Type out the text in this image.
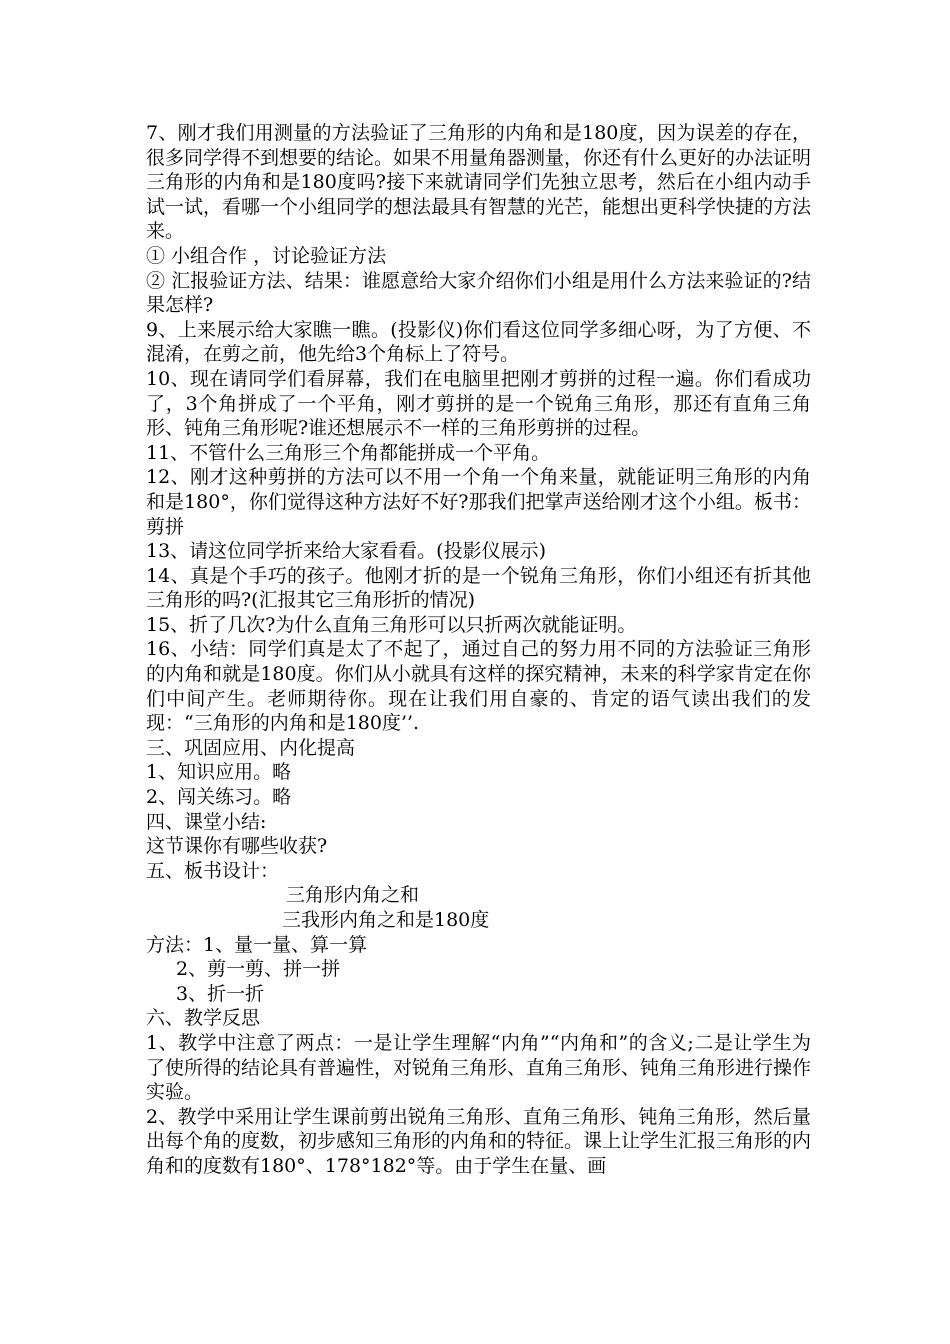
7、刚才我们用测量的方法验证了三角形的内角和是180度，因为误差的存在，很多同学得不到想要的结论。如果不用量角器测量，你还有什么更好的办法证明三角形的内角和是180度吗?接下来就请同学们先独立思考，然后在小组内动手试一试，看哪一个小组同学的想法最具有智慧的光芒，能想出更科学快捷的方法来。

① 小组合作 ，讨论验证方法

② 汇报验证方法、结果：谁愿意给大家介绍你们小组是用什么方法来验证的?结果怎样?

9、上来展示给大家瞧一瞧。(投影仪)你们看这位同学多细心呀，为了方便、不混淆，在剪之前，他先给3个角标上了符号。

10、现在请同学们看屏幕，我们在电脑里把刚才剪拼的过程一遍。你们看成功了，3个角拼成了一个平角，刚才剪拼的是一个锐角三角形，那还有直角三角形、钝角三角形呢?谁还想展示不一样的三角形剪拼的过程。

11、不管什么三角形三个角都能拼成一个平角。

12、刚才这种剪拼的方法可以不用一个角一个角来量，就能证明三角形的内角和是180°，你们觉得这种方法好不好?那我们把掌声送给刚才这个小组。板书：剪拼

13、请这位同学折来给大家看看。(投影仪展示)

14、真是个手巧的孩子。他刚才折的是一个锐角三角形，你们小组还有折其他三角形的吗?(汇报其它三角形折的情况)

15、折了几次?为什么直角三角形可以只折两次就能证明。

16、小结：同学们真是太了不起了，通过自己的努力用不同的方法验证三角形的内角和就是180度。你们从小就具有这样的探究精神，未来的科学家肯定在你们中间产生。老师期待你。现在让我们用自豪的、肯定的语气读出我们的发现：“三角形的内角和是180度’’.

三、巩固应用、内化提高

1、知识应用。略

2、闯关练习。略

四、课堂小结:

这节课你有哪些收获?

五、板书设计：

三角形内角之和

三我形内角之和是180度

方法：1、量一量、算一算

2、剪一剪、拼一拼

3、折一折

六、教学反思

1、教学中注意了两点：一是让学生理解“内角”“内角和”的含义;二是让学生为了使所得的结论具有普遍性，对锐角三角形、直角三角形、钝角三角形进行操作实验。

2、教学中采用让学生课前剪出锐角三角形、直角三角形、钝角三角形，然后量出每个角的度数，初步感知三角形的内角和的特征。课上让学生汇报三角形的内角和的度数有180°、178°182°等。由于学生在量、画
